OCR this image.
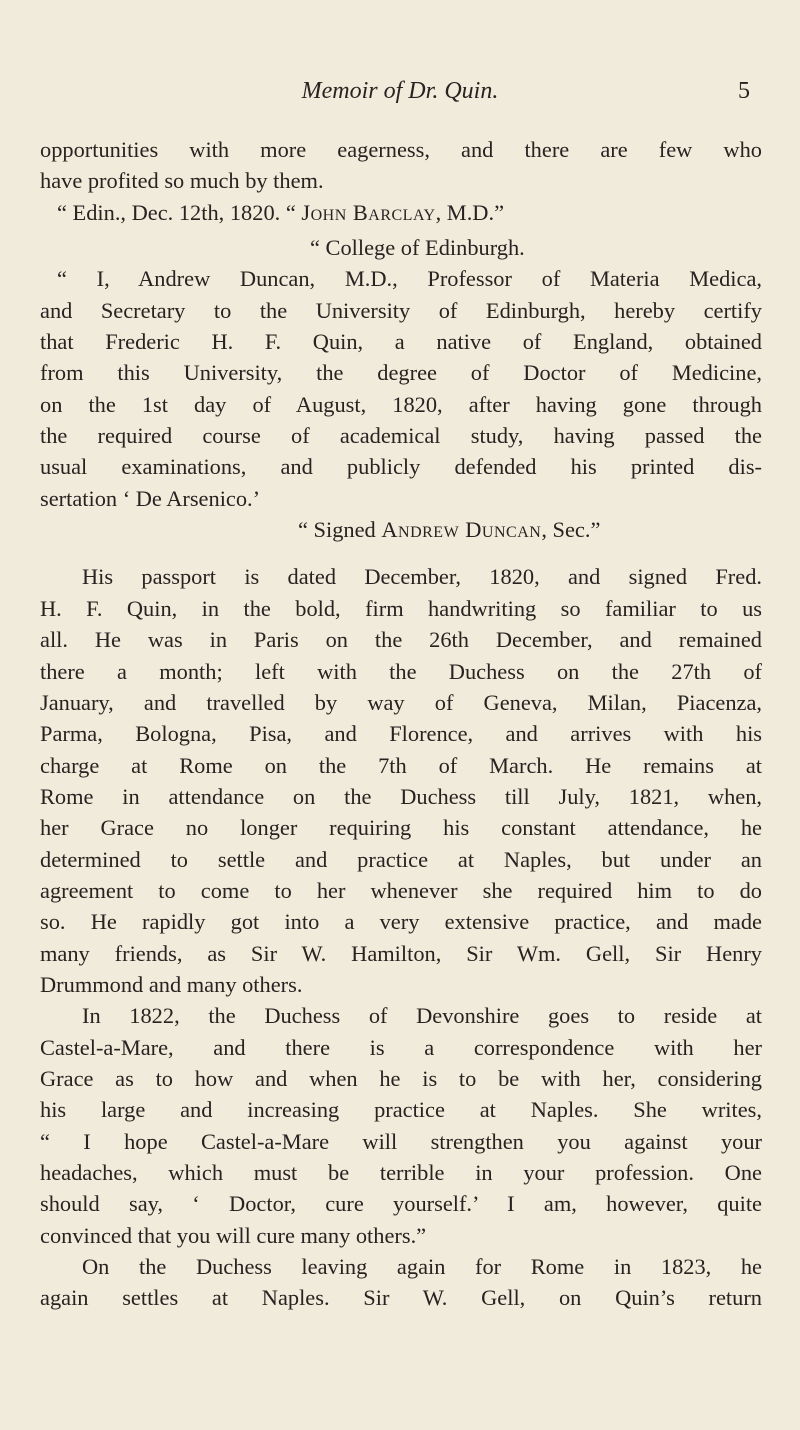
Memoir of Dr. Quin.	5
opportunities with more eagerness, and there are few who
have profited so much by them.
“ Edin., Dec. 12th, 1820. “ John Barclay, M.D.”
“ College of Edinburgh.
“ I, Andrew Duncan, M.D., Professor of Materia Medica,
and Secretary to the University of Edinburgh, hereby certify
that Frederic H. F. Quin, a native of England, obtained
from this University, the degree of Doctor of Medicine,
on the 1st day of August, 1820, after having gone through
the required course of academical study, having passed the
usual examinations, and publicly defended his printed dis-
sertation ‘ De Arsenico.’
“ Signed Andrew Duncan, Sec.”
His passport is dated December, 1820, and signed Fred.
H. F. Quin, in the bold, firm handwriting so familiar to us
all. He was in Paris on the 26th December, and remained
there a month; left with the Duchess on the 27th of
January, and travelled by way of Geneva, Milan, Piacenza,
Parma, Bologna, Pisa, and Florence, and arrives with his
charge at Rome on the 7th of March. He remains at
Rome in attendance on the Duchess till July, 1821, when,
her Grace no longer requiring his constant attendance, he
determined to settle and practice at Naples, but under an
agreement to come to her whenever she required him to do
so. He rapidly got into a very extensive practice, and made
many friends, as Sir W. Hamilton, Sir Wm. Gell, Sir Henry
Drummond and many others.
In 1822, the Duchess of Devonshire goes to reside at
Castel-a-Mare, and there is a correspondence with her
Grace as to how and when he is to be with her, considering
his large and increasing practice at Naples. She writes,
“ I hope Castel-a-Mare will strengthen you against your
headaches, which must be terrible in your profession. One
should say, ‘ Doctor, cure yourself.’ I am, however, quite
convinced that you will cure many others.”
On the Duchess leaving again for Rome in 1823, he
again settles at Naples. Sir W. Gell, on Quin’s return
